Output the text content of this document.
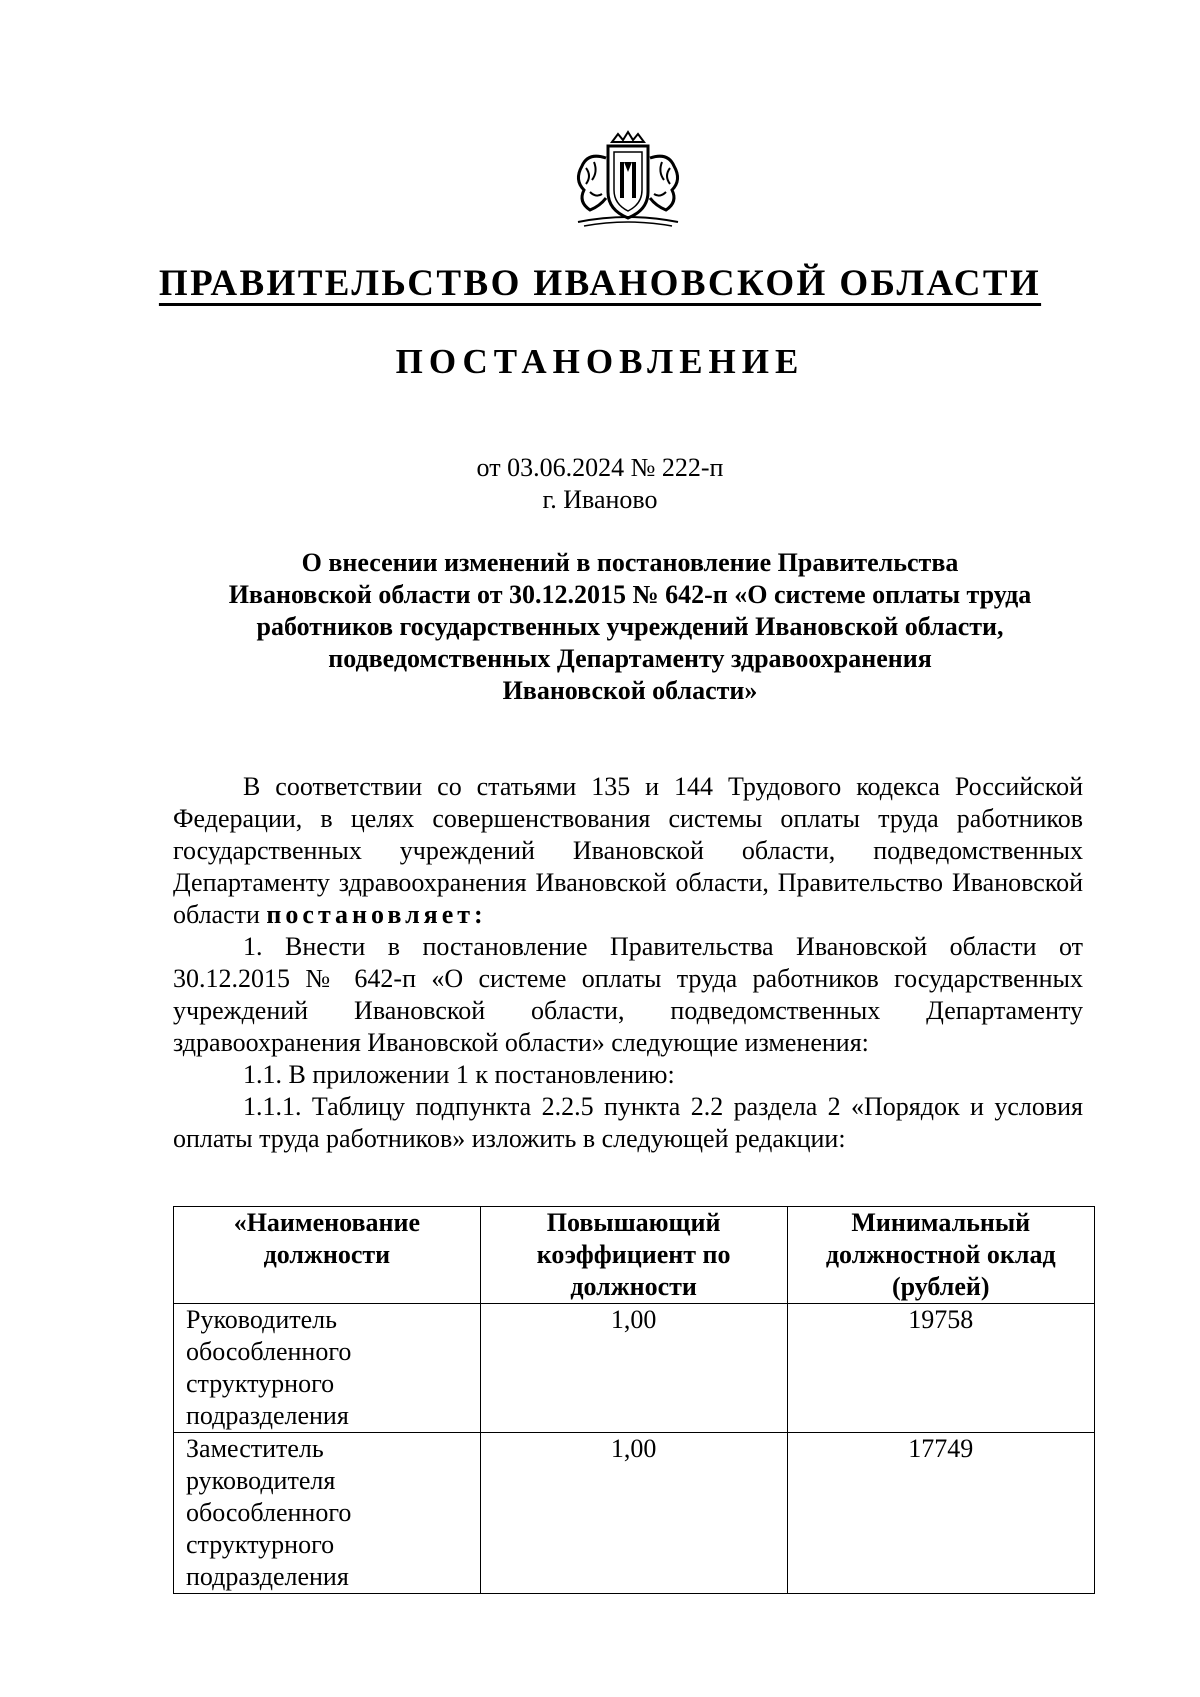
ПРАВИТЕЛЬСТВО ИВАНОВСКОЙ ОБЛАСТИ
ПОСТАНОВЛЕНИЕ
от 03.06.2024 № 222-п
г. Иваново
О внесении изменений в постановление Правительства
Ивановской области от 30.12.2015 № 642-п «О системе оплаты труда
работников государственных учреждений Ивановской области,
подведомственных Департаменту здравоохранения
Ивановской области»

В соответствии со статьями 135 и 144 Трудового кодекса Российской Федерации, в целях совершенствования системы оплаты труда работников государственных учреждений Ивановской области, подведомственных Департаменту здравоохранения Ивановской области, Правительство Ивановской области постановляет:

1. Внести в постановление Правительства Ивановской области от 30.12.2015 № 642-п «О системе оплаты труда работников государственных учреждений Ивановской области, подведомственных Департаменту здравоохранения Ивановской области» следующие изменения:

1.1. В приложении 1 к постановлению:

1.1.1. Таблицу подпункта 2.2.5 пункта 2.2 раздела 2 «Порядок и условия оплаты труда работников» изложить в следующей редакции:

«Наименование должности	Повышающий коэффициент по должности	Минимальный должностной оклад (рублей)
Руководитель обособленного структурного подразделения	1,00	19758
Заместитель руководителя обособленного структурного подразделения	1,00	17749
